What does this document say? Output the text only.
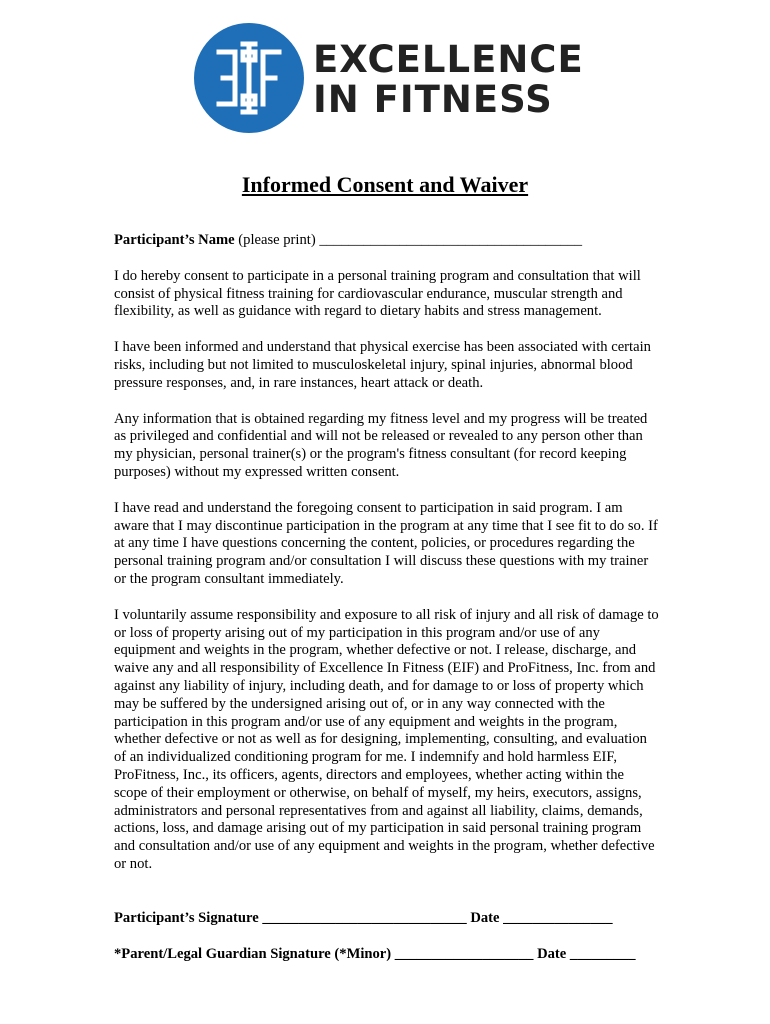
EXCELLENCE
IN FITNESS
Informed Consent and Waiver

Participant’s Name (please print) ____________________________________

I do hereby consent to participate in a personal training program and consultation that will consist of physical fitness training for cardiovascular endurance, muscular strength and flexibility, as well as guidance with regard to dietary habits and stress management.

I have been informed and understand that physical exercise has been associated with certain risks, including but not limited to musculoskeletal injury, spinal injuries, abnormal blood pressure responses, and, in rare instances, heart attack or death.

Any information that is obtained regarding my fitness level and my progress will be treated as privileged and confidential and will not be released or revealed to any person other than my physician, personal trainer(s) or the program's fitness consultant (for record keeping purposes) without my expressed written consent.

I have read and understand the foregoing consent to participation in said program. I am aware that I may discontinue participation in the program at any time that I see fit to do so. If at any time I have questions concerning the content, policies, or procedures regarding the personal training program and/or consultation I will discuss these questions with my trainer or the program consultant immediately.

I voluntarily assume responsibility and exposure to all risk of injury and all risk of damage to or loss of property arising out of my participation in this program and/or use of any equipment and weights in the program, whether defective or not. I release, discharge, and waive any and all responsibility of Excellence In Fitness (EIF) and ProFitness, Inc. from and against any liability of injury, including death, and for damage to or loss of property which may be suffered by the undersigned arising out of, or in any way connected with the participation in this program and/or use of any equipment and weights in the program, whether defective or not as well as for designing, implementing, consulting, and evaluation of an individualized conditioning program for me. I indemnify and hold harmless EIF, ProFitness, Inc., its officers, agents, directors and employees, whether acting within the scope of their employment or otherwise, on behalf of myself, my heirs, executors, assigns, administrators and personal representatives from and against all liability, claims, demands, actions, loss, and damage arising out of my participation in said personal training program and consultation and/or use of any equipment and weights in the program, whether defective or not.

Participant’s Signature ____________________________ Date _______________
*Parent/Legal Guardian Signature (*Minor) ___________________ Date _________
